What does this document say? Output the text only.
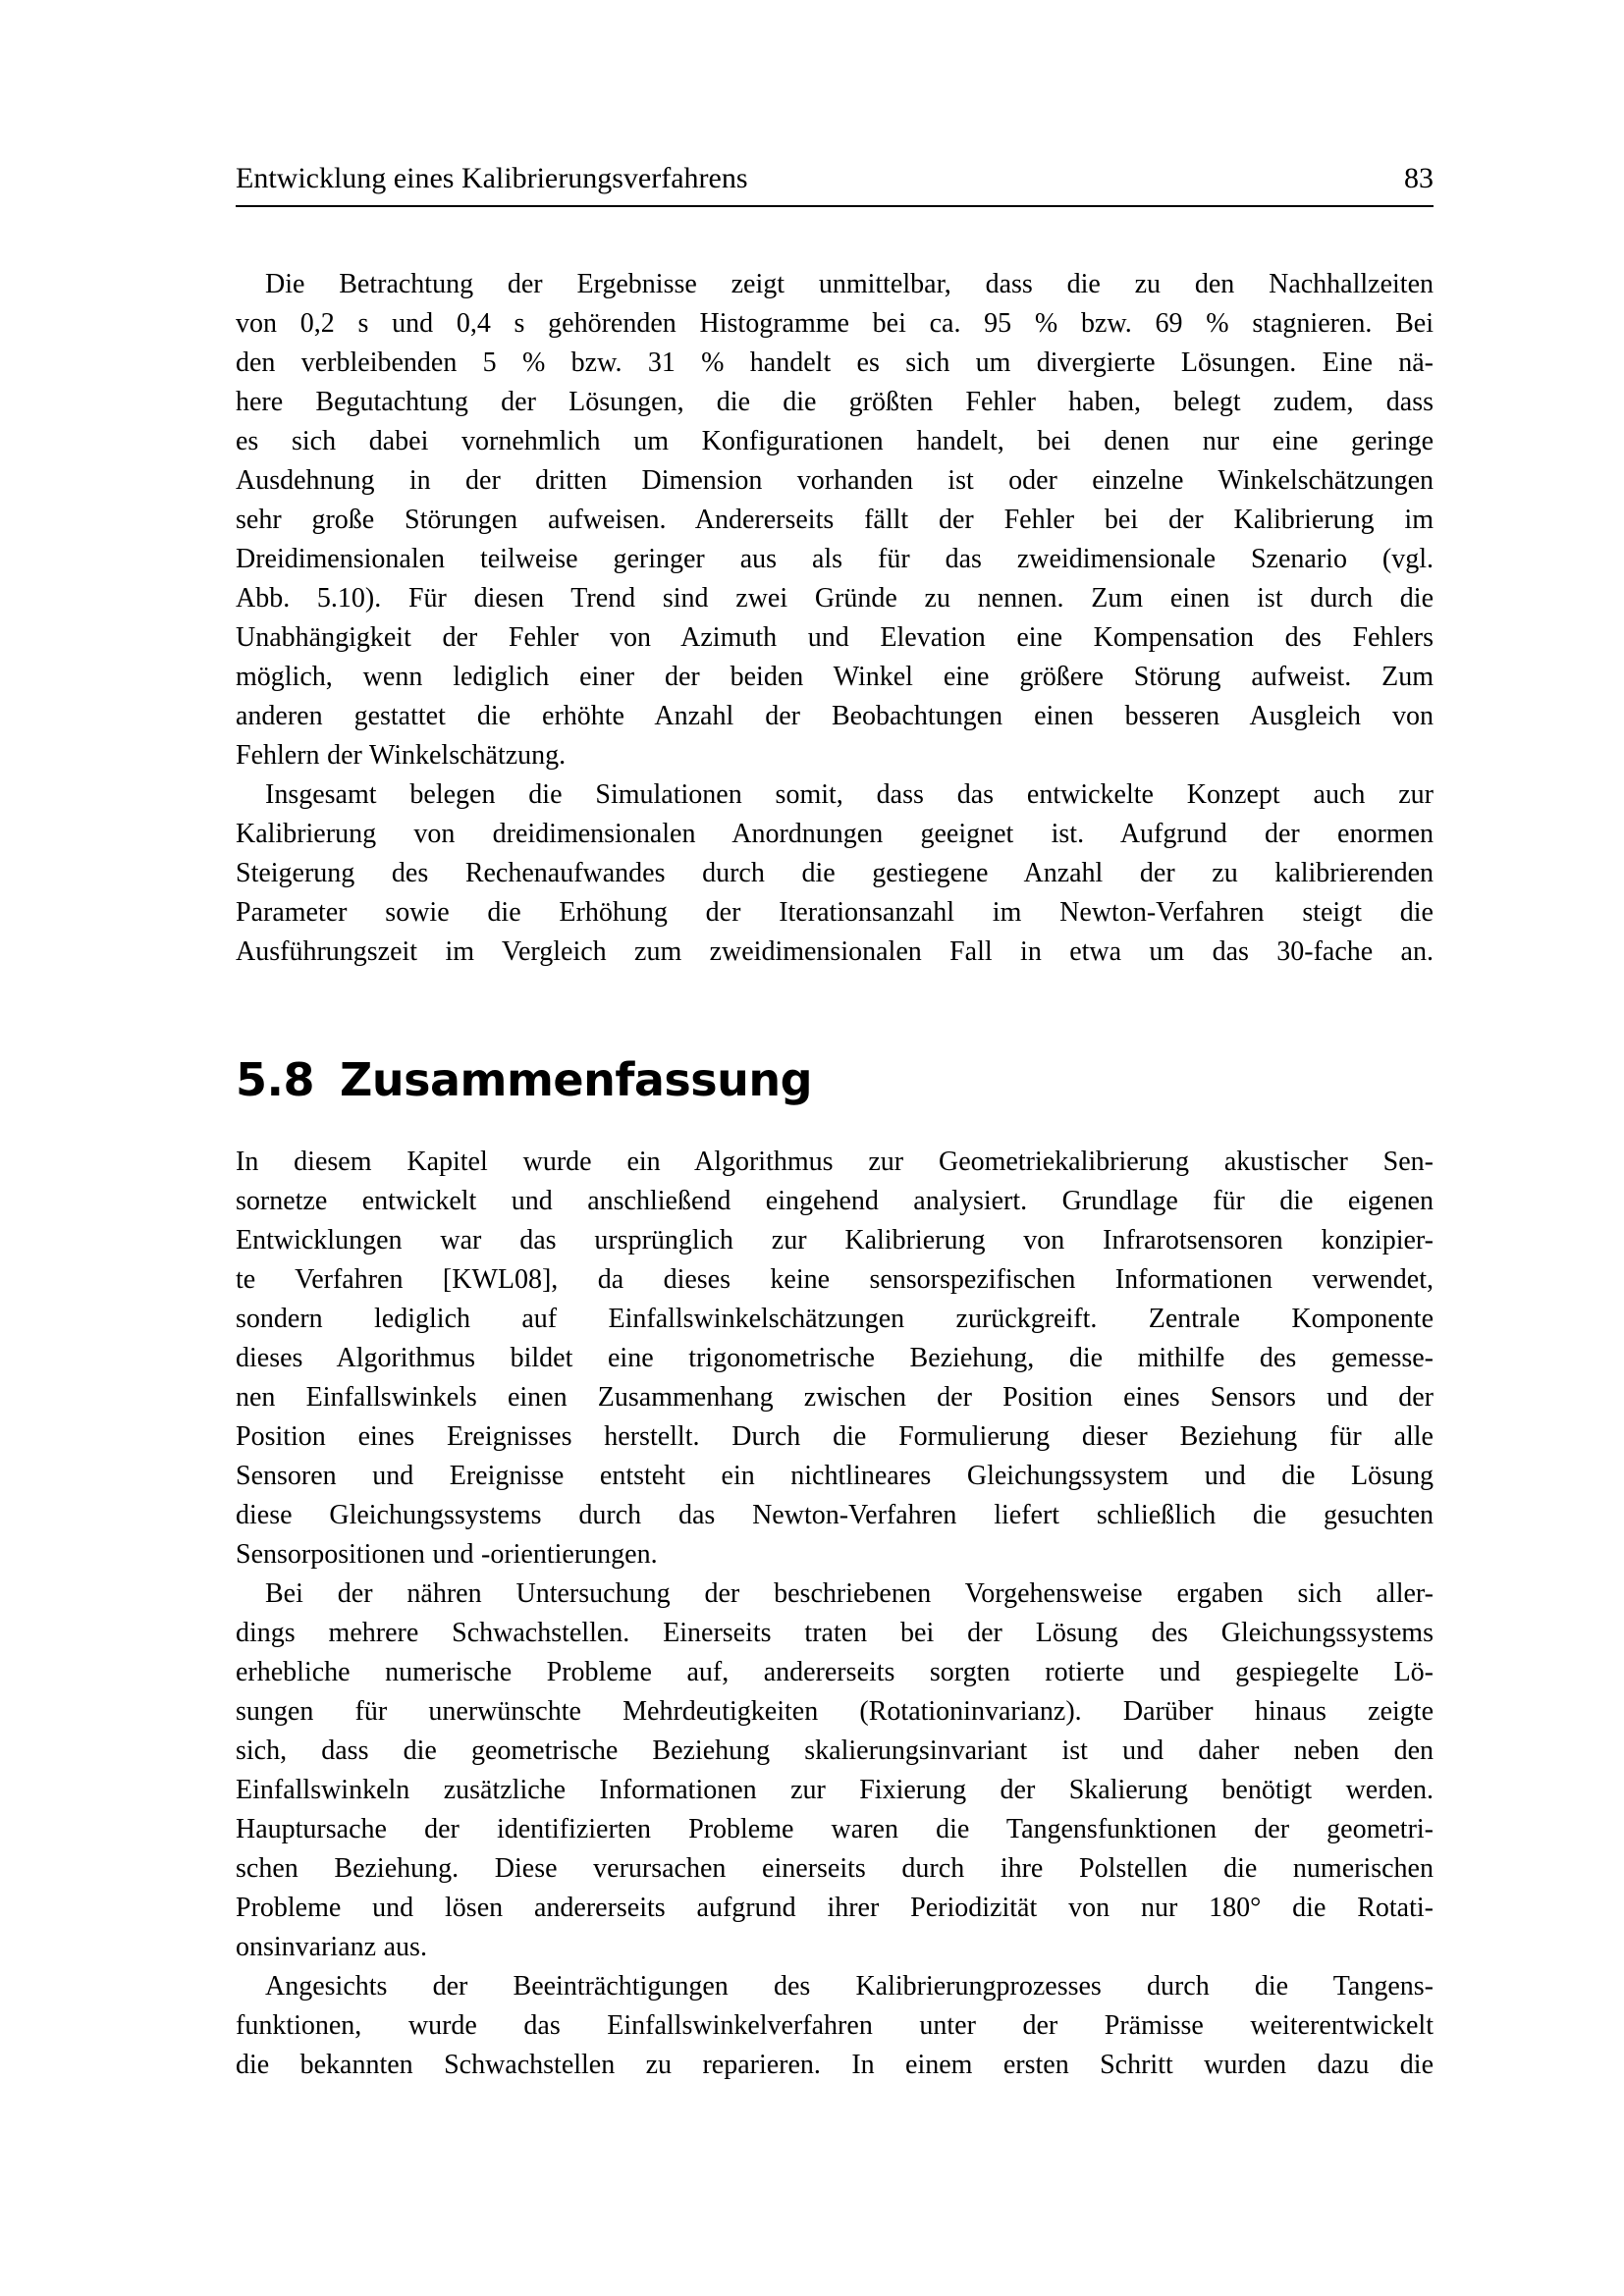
Entwicklung eines Kalibrierungsverfahrens	83
Die Betrachtung der Ergebnisse zeigt unmittelbar, dass die zu den Nachhallzeiten
von 0,2 s und 0,4 s gehörenden Histogramme bei ca. 95 % bzw. 69 % stagnieren. Bei
den verbleibenden 5 % bzw. 31 % handelt es sich um divergierte Lösungen. Eine nä-
here Begutachtung der Lösungen, die die größten Fehler haben, belegt zudem, dass
es sich dabei vornehmlich um Konfigurationen handelt, bei denen nur eine geringe
Ausdehnung in der dritten Dimension vorhanden ist oder einzelne Winkelschätzungen
sehr große Störungen aufweisen. Andererseits fällt der Fehler bei der Kalibrierung im
Dreidimensionalen teilweise geringer aus als für das zweidimensionale Szenario (vgl.
Abb. 5.10). Für diesen Trend sind zwei Gründe zu nennen. Zum einen ist durch die
Unabhängigkeit der Fehler von Azimuth und Elevation eine Kompensation des Fehlers
möglich, wenn lediglich einer der beiden Winkel eine größere Störung aufweist. Zum
anderen gestattet die erhöhte Anzahl der Beobachtungen einen besseren Ausgleich von
Fehlern der Winkelschätzung.
Insgesamt belegen die Simulationen somit, dass das entwickelte Konzept auch zur
Kalibrierung von dreidimensionalen Anordnungen geeignet ist. Aufgrund der enormen
Steigerung des Rechenaufwandes durch die gestiegene Anzahl der zu kalibrierenden
Parameter sowie die Erhöhung der Iterationsanzahl im Newton-Verfahren steigt die
Ausführungszeit im Vergleich zum zweidimensionalen Fall in etwa um das 30-fache an.
5.8 Zusammenfassung
In diesem Kapitel wurde ein Algorithmus zur Geometriekalibrierung akustischer Sen-
sornetze entwickelt und anschließend eingehend analysiert. Grundlage für die eigenen
Entwicklungen war das ursprünglich zur Kalibrierung von Infrarotsensoren konzipier-
te Verfahren [KWL08], da dieses keine sensorspezifischen Informationen verwendet,
sondern lediglich auf Einfallswinkelschätzungen zurückgreift. Zentrale Komponente
dieses Algorithmus bildet eine trigonometrische Beziehung, die mithilfe des gemesse-
nen Einfallswinkels einen Zusammenhang zwischen der Position eines Sensors und der
Position eines Ereignisses herstellt. Durch die Formulierung dieser Beziehung für alle
Sensoren und Ereignisse entsteht ein nichtlineares Gleichungssystem und die Lösung
diese Gleichungssystems durch das Newton-Verfahren liefert schließlich die gesuchten
Sensorpositionen und -orientierungen.
Bei der nähren Untersuchung der beschriebenen Vorgehensweise ergaben sich aller-
dings mehrere Schwachstellen. Einerseits traten bei der Lösung des Gleichungssystems
erhebliche numerische Probleme auf, andererseits sorgten rotierte und gespiegelte Lö-
sungen für unerwünschte Mehrdeutigkeiten (Rotationinvarianz). Darüber hinaus zeigte
sich, dass die geometrische Beziehung skalierungsinvariant ist und daher neben den
Einfallswinkeln zusätzliche Informationen zur Fixierung der Skalierung benötigt werden.
Hauptursache der identifizierten Probleme waren die Tangensfunktionen der geometri-
schen Beziehung. Diese verursachen einerseits durch ihre Polstellen die numerischen
Probleme und lösen andererseits aufgrund ihrer Periodizität von nur 180° die Rotati-
onsinvarianz aus.
Angesichts der Beeinträchtigungen des Kalibrierungprozesses durch die Tangens-
funktionen, wurde das Einfallswinkelverfahren unter der Prämisse weiterentwickelt
die bekannten Schwachstellen zu reparieren. In einem ersten Schritt wurden dazu die
